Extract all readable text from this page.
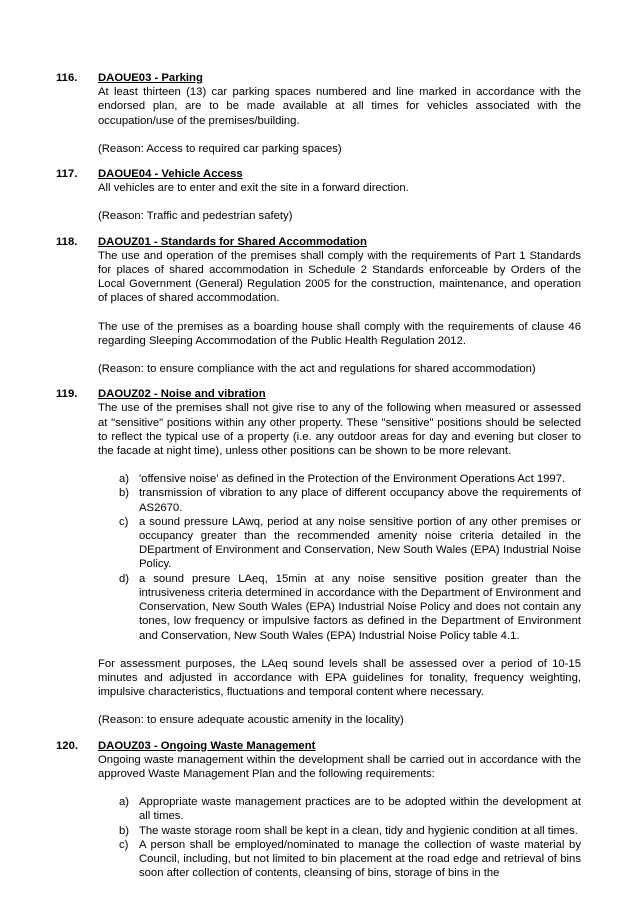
116. DAOUE03 - Parking
At least thirteen (13) car parking spaces numbered and line marked in accordance with the endorsed plan, are to be made available at all times for vehicles associated with the occupation/use of the premises/building.
(Reason: Access to required car parking spaces)
117. DAOUE04 - Vehicle Access
All vehicles are to enter and exit the site in a forward direction.
(Reason: Traffic and pedestrian safety)
118. DAOUZ01 - Standards for Shared Accommodation
The use and operation of the premises shall comply with the requirements of Part 1 Standards for places of shared accommodation in Schedule 2 Standards enforceable by Orders of the Local Government (General) Regulation 2005 for the construction, maintenance, and operation of places of shared accommodation.
The use of the premises as a boarding house shall comply with the requirements of clause 46 regarding Sleeping Accommodation of the Public Health Regulation 2012.
(Reason: to ensure compliance with the act and regulations for shared accommodation)
119. DAOUZ02 - Noise and vibration
The use of the premises shall not give rise to any of the following when measured or assessed at "sensitive" positions within any other property. These "sensitive" positions should be selected to reflect the typical use of a property (i.e. any outdoor areas for day and evening but closer to the facade at night time), unless other positions can be shown to be more relevant.
a) 'offensive noise' as defined in the Protection of the Environment Operations Act 1997.
b) transmission of vibration to any place of different occupancy above the requirements of AS2670.
c) a sound pressure LAwq, period at any noise sensitive portion of any other premises or occupancy greater than the recommended amenity noise criteria detailed in the DEpartment of Environment and Conservation, New South Wales (EPA) Industrial Noise Policy.
d) a sound presure LAeq, 15min at any noise sensitive position greater than the intrusiveness criteria determined in accordance with the Department of Environment and Conservation, New South Wales (EPA) Industrial Noise Policy and does not contain any tones, low frequency or impulsive factors as defined in the Department of Environment and Conservation, New South Wales (EPA) Industrial Noise Policy table 4.1.
For assessment purposes, the LAeq sound levels shall be assessed over a period of 10-15 minutes and adjusted in accordance with EPA guidelines for tonality, frequency weighting, impulsive characteristics, fluctuations and temporal content where necessary.
(Reason: to ensure adequate acoustic amenity in the locality)
120. DAOUZ03 - Ongoing Waste Management
Ongoing waste management within the development shall be carried out in accordance with the approved Waste Management Plan and the following requirements:
a) Appropriate waste management practices are to be adopted within the development at all times.
b) The waste storage room shall be kept in a clean, tidy and hygienic condition at all times.
c) A person shall be employed/nominated to manage the collection of waste material by Council, including, but not limited to bin placement at the road edge and retrieval of bins soon after collection of contents, cleansing of bins, storage of bins in the
